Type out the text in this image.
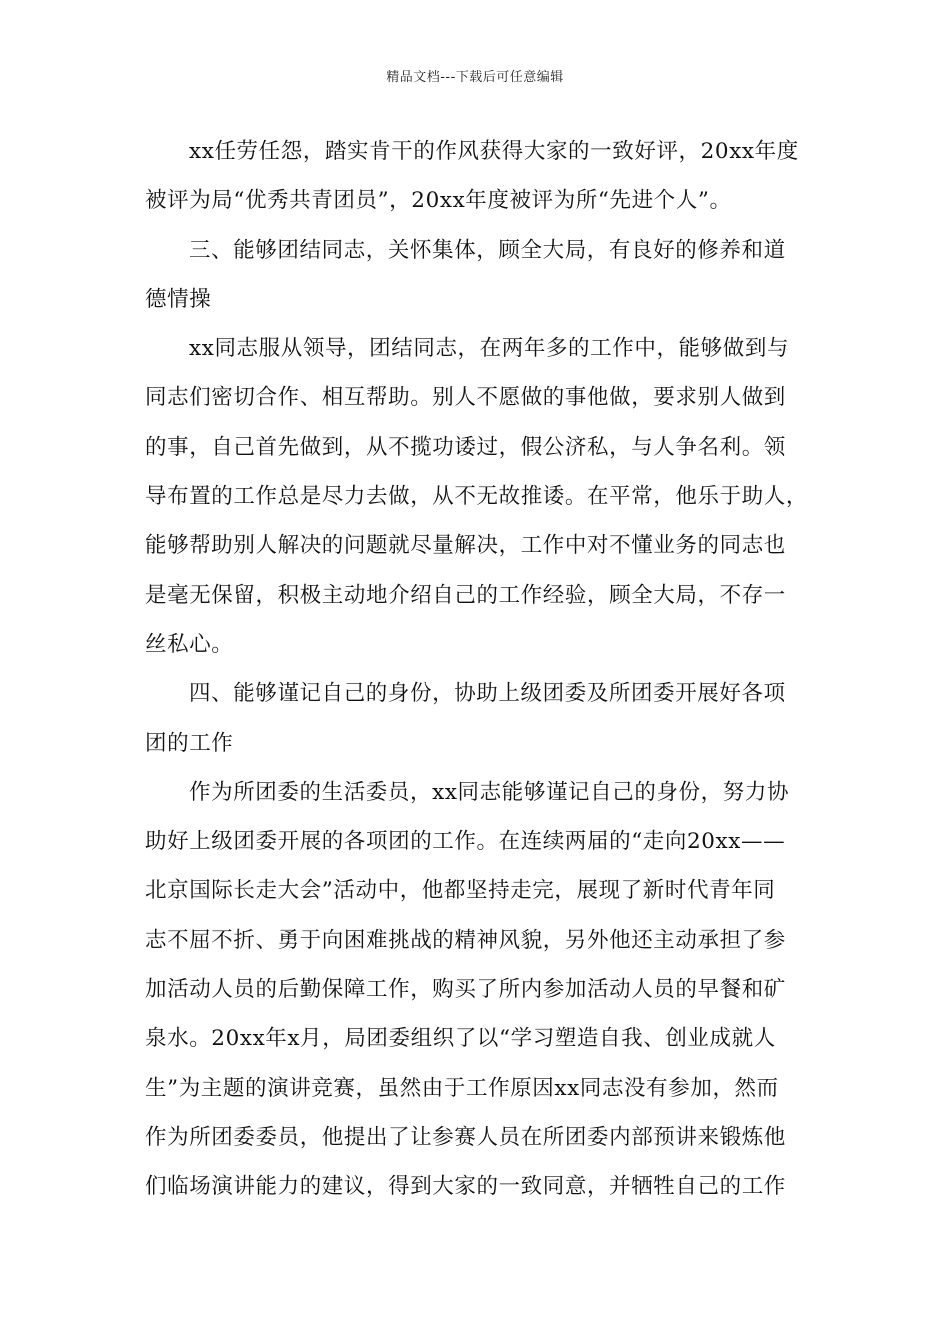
精品文档---下载后可任意编辑
xx任劳任怨，踏实肯干的作风获得大家的一致好评，20xx年度
被评为局“优秀共青团员”，20xx年度被评为所“先进个人”。
三、能够团结同志，关怀集体，顾全大局，有良好的修养和道
德情操
xx同志服从领导，团结同志，在两年多的工作中，能够做到与
同志们密切合作、相互帮助。别人不愿做的事他做，要求别人做到
的事，自己首先做到，从不揽功诿过，假公济私，与人争名利。领
导布置的工作总是尽力去做，从不无故推诿。在平常，他乐于助人，
能够帮助别人解决的问题就尽量解决，工作中对不懂业务的同志也
是毫无保留，积极主动地介绍自己的工作经验，顾全大局，不存一
丝私心。
四、能够谨记自己的身份，协助上级团委及所团委开展好各项
团的工作
作为所团委的生活委员，xx同志能够谨记自己的身份，努力协
助好上级团委开展的各项团的工作。在连续两届的“走向20xx——
北京国际长走大会”活动中，他都坚持走完，展现了新时代青年同
志不屈不折、勇于向困难挑战的精神风貌，另外他还主动承担了参
加活动人员的后勤保障工作，购买了所内参加活动人员的早餐和矿
泉水。20xx年x月，局团委组织了以“学习塑造自我、创业成就人
生”为主题的演讲竞赛，虽然由于工作原因xx同志没有参加，然而
作为所团委委员，他提出了让参赛人员在所团委内部预讲来锻炼他
们临场演讲能力的建议，得到大家的一致同意，并牺牲自己的工作
